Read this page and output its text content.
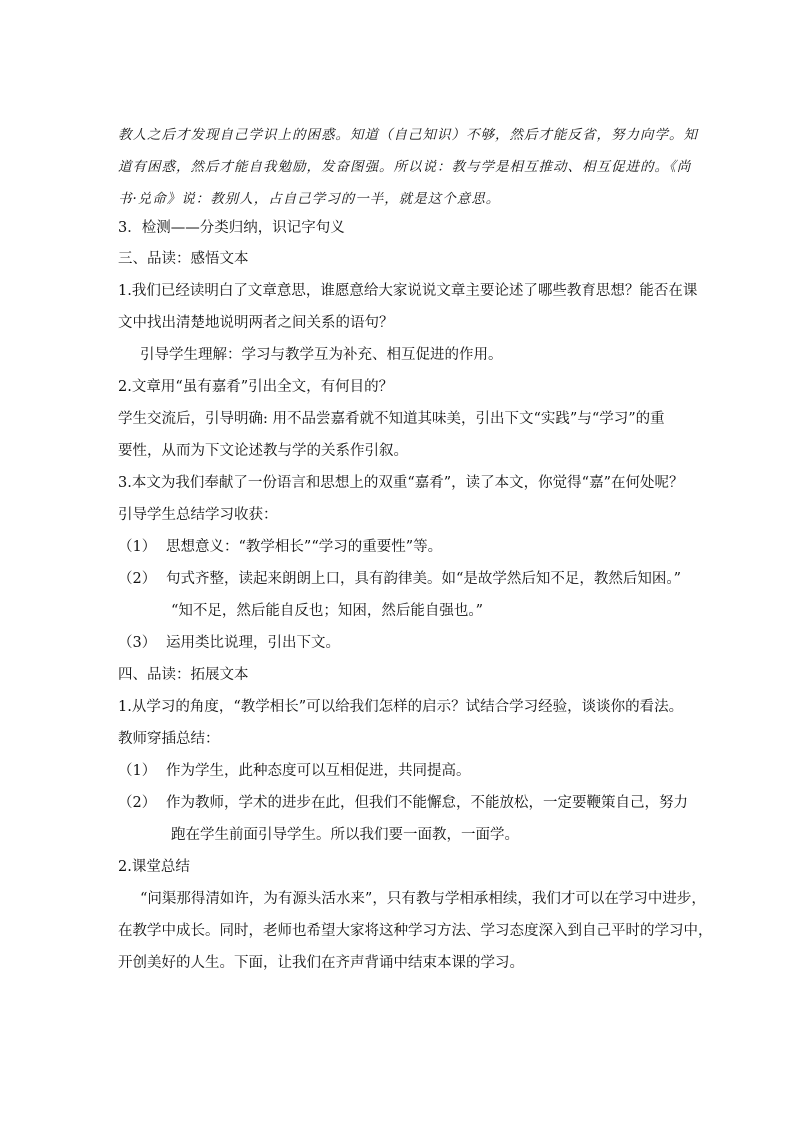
教人之后才发现自己学识上的困惑。知道（自己知识）不够，然后才能反省，努力向学。知
道有困惑，然后才能自我勉励，发奋图强。所以说：教与学是相互推动、相互促进的。《尚
书·兑命》说：教别人，占自己学习的一半，就是这个意思。
3．检测——分类归纳，识记字句义
三、品读：感悟文本
1.我们已经读明白了文章意思，谁愿意给大家说说文章主要论述了哪些教育思想？能否在课
文中找出清楚地说明两者之间关系的语句？
引导学生理解：学习与教学互为补充、相互促进的作用。
2.文章用“虽有嘉肴”引出全文，有何目的？
学生交流后，引导明确: 用不品尝嘉肴就不知道其味美，引出下文“实践”与“学习”的重
要性，从而为下文论述教与学的关系作引叙。
3.本文为我们奉献了一份语言和思想上的双重“嘉肴”，读了本文，你觉得“嘉”在何处呢？
引导学生总结学习收获：
（1） 思想意义：“教学相长”“学习的重要性”等。
（2） 句式齐整，读起来朗朗上口，具有韵律美。如“是故学然后知不足，教然后知困。”
“知不足，然后能自反也；知困，然后能自强也。”
（3） 运用类比说理，引出下文。
四、品读：拓展文本
1.从学习的角度，“教学相长”可以给我们怎样的启示？试结合学习经验，谈谈你的看法。
教师穿插总结：
（1） 作为学生，此种态度可以互相促进，共同提高。
（2） 作为教师，学术的进步在此，但我们不能懈怠，不能放松，一定要鞭策自己，努力
跑在学生前面引导学生。所以我们要一面教，一面学。
2.课堂总结
“问渠那得清如许，为有源头活水来”，只有教与学相承相续，我们才可以在学习中进步，
在教学中成长。同时，老师也希望大家将这种学习方法、学习态度深入到自己平时的学习中，
开创美好的人生。下面，让我们在齐声背诵中结束本课的学习。
